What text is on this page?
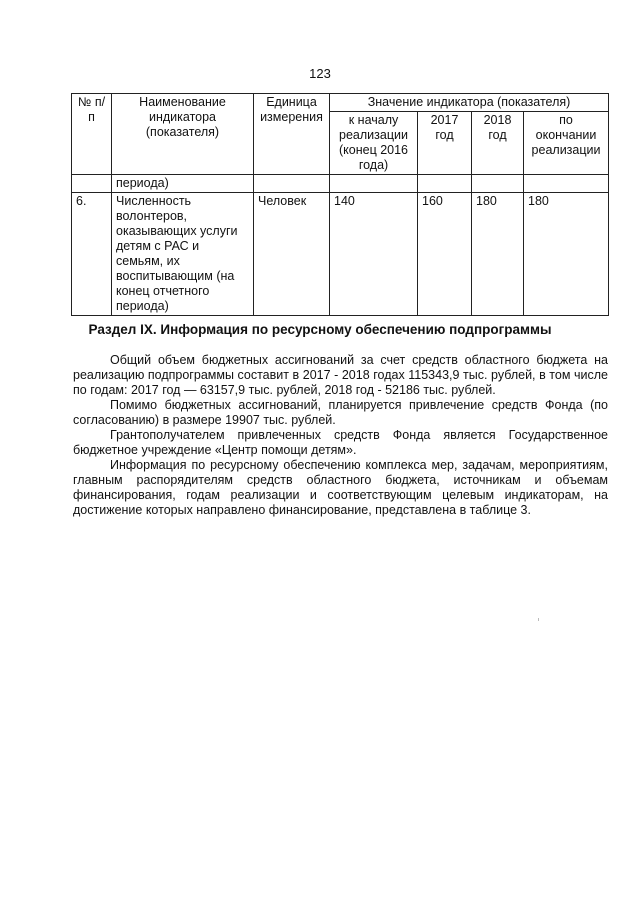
123
№ п/п	Наименование индикатора (показателя)	Единица измерения	Значение индикатора (показателя)			
			к началу реализации (конец 2016 года)	2017 год	2018 год	по окончании реализации
	периода)					
6.	Численность волонтеров, оказывающих услуги детям с РАС и семьям, их воспитывающим (на конец отчетного периода)	Человек	140	160	180	180
Раздел IX. Информация по ресурсному обеспечению подпрограммы

Общий объем бюджетных ассигнований за счет средств областного бюджета на реализацию подпрограммы составит в 2017 - 2018 годах 115343,9 тыс. рублей, в том числе по годам: 2017 год — 63157,9 тыс. рублей, 2018 год - 52186 тыс. рублей.

Помимо бюджетных ассигнований, планируется привлечение средств Фонда (по согласованию) в размере 19907 тыс. рублей.

Грантополучателем привлеченных средств Фонда является Государственное бюджетное учреждение «Центр помощи детям».

Информация по ресурсному обеспечению комплекса мер, задачам, мероприятиям, главным распорядителям средств областного бюджета, источникам и объемам финансирования, годам реализации и соответствующим целевым индикаторам, на достижение которых направлено финансирование, представлена в таблице 3.
